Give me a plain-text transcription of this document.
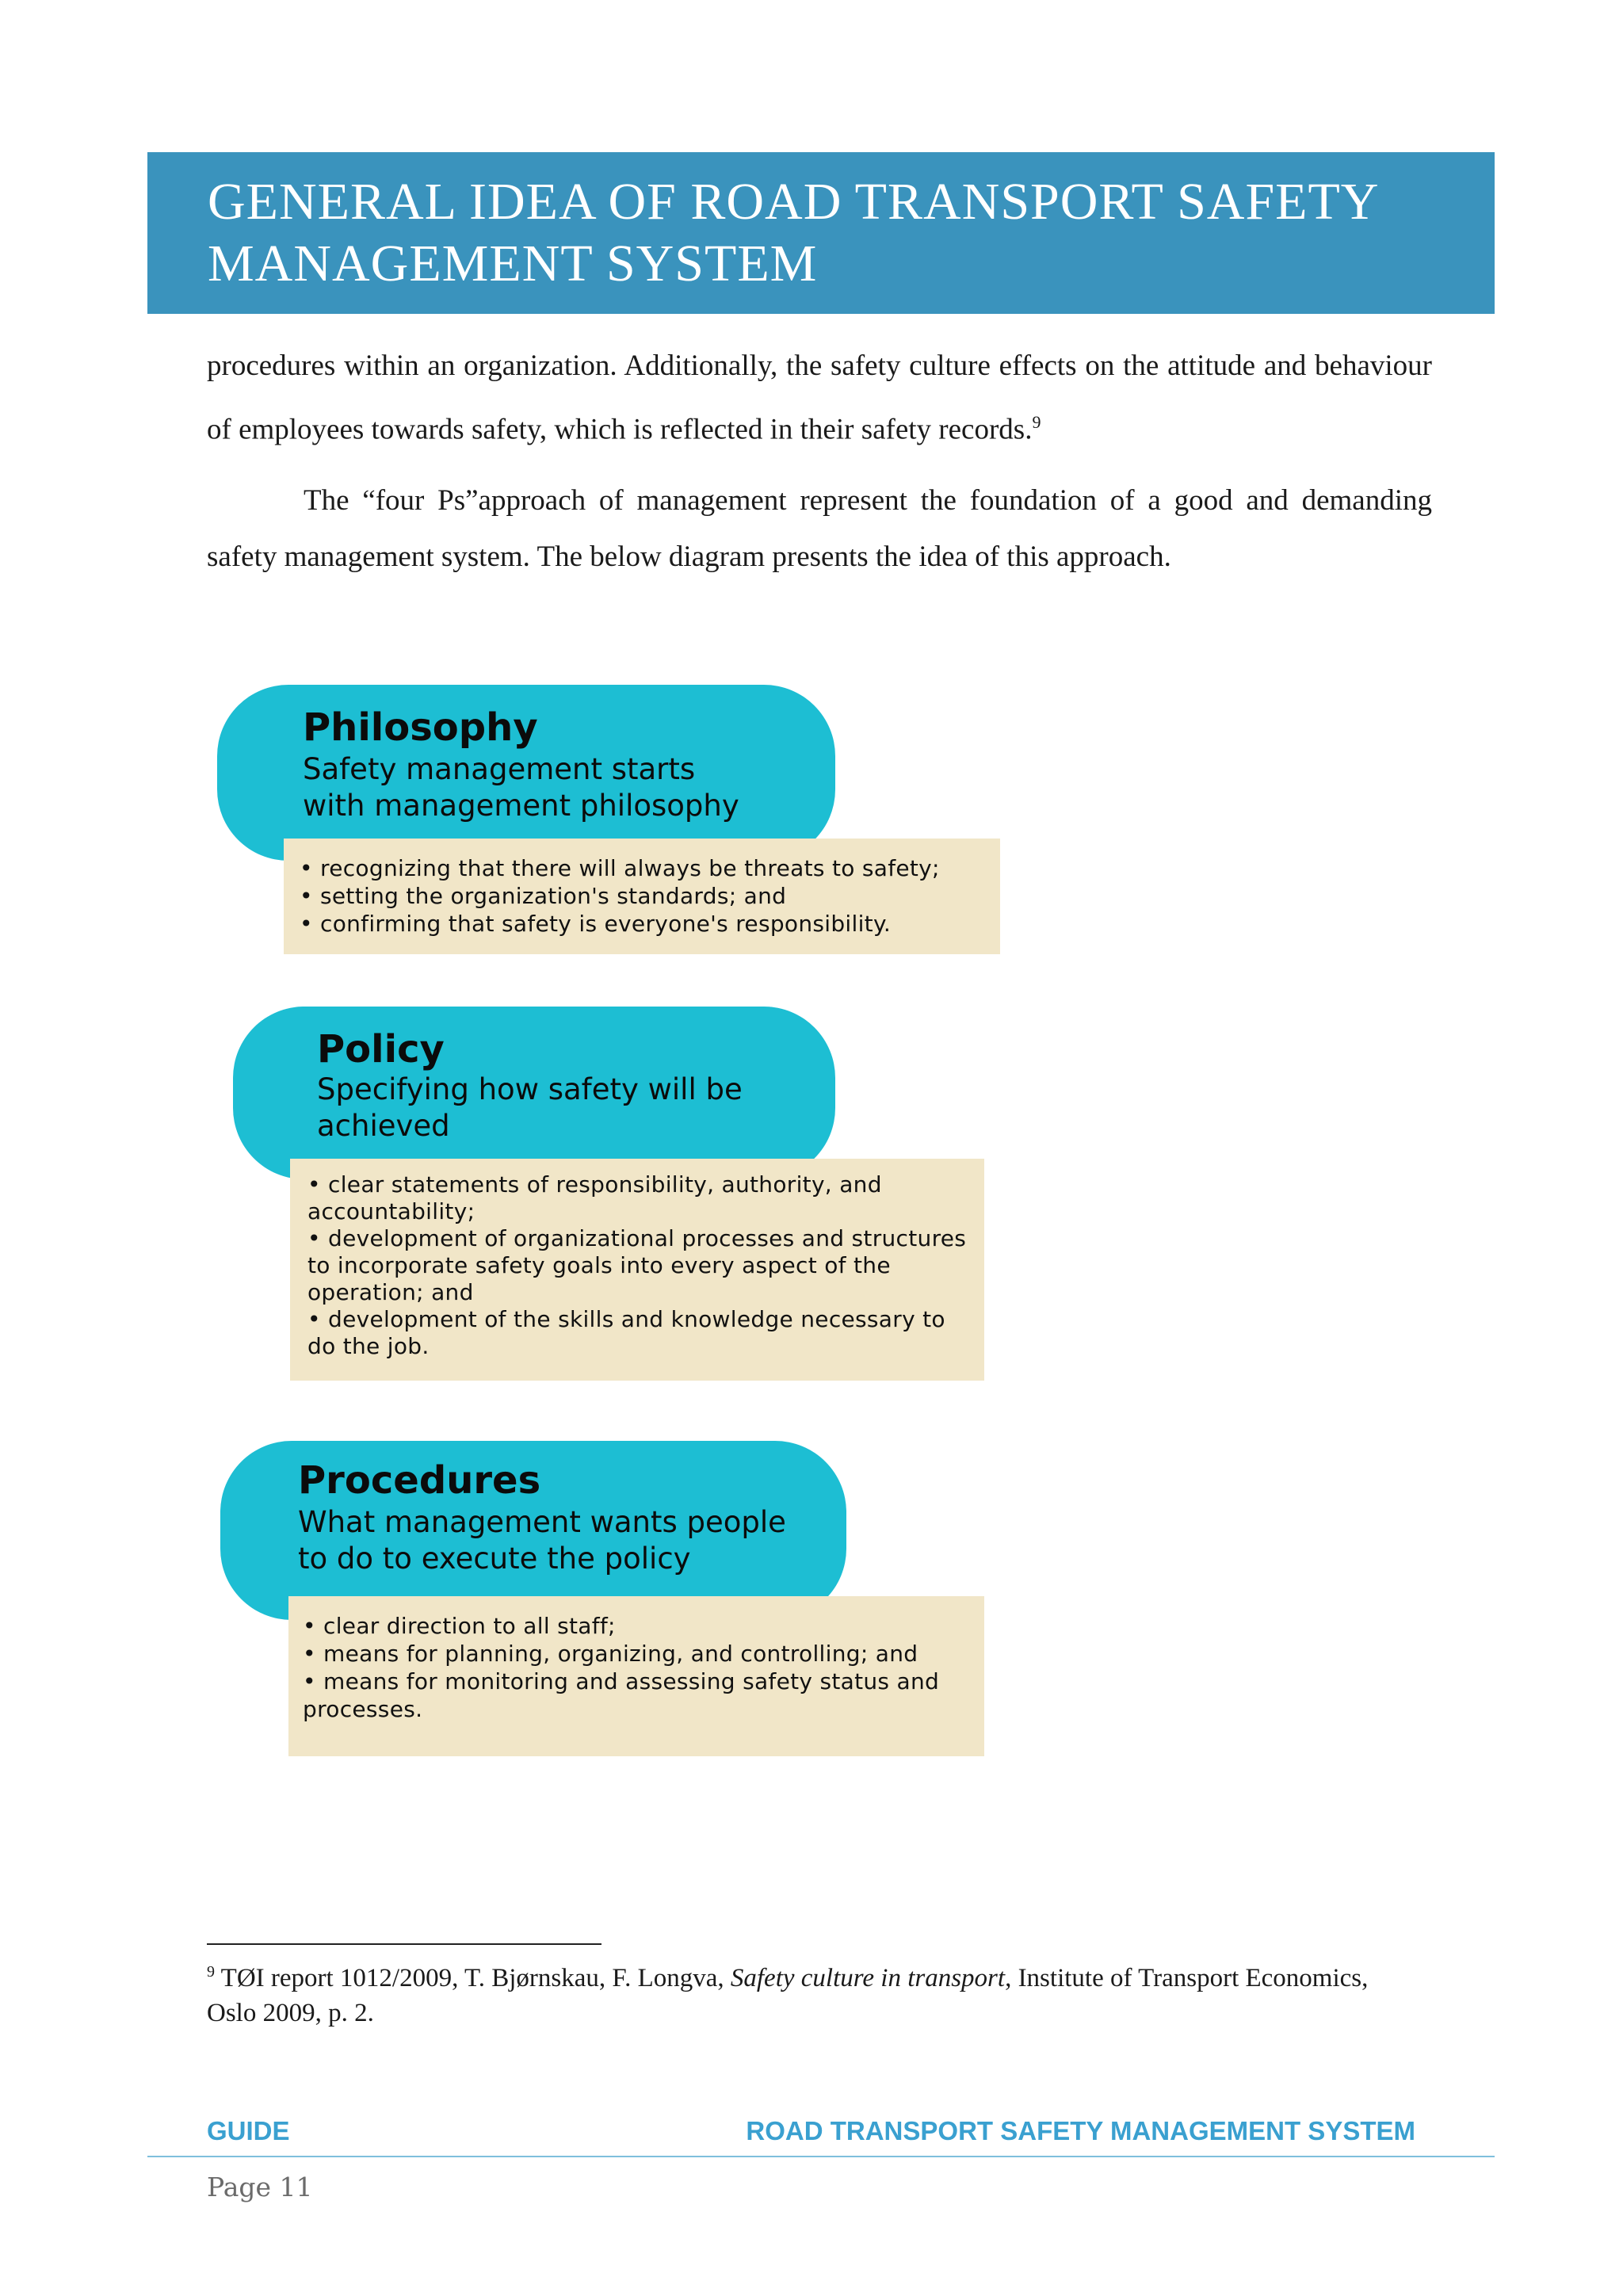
GENERAL IDEA OF ROAD TRANSPORT SAFETY
MANAGEMENT SYSTEM

procedures within an organization. Additionally, the safety culture effects on the attitude and behaviour of employees towards safety, which is reflected in their safety records.$^9$

The “four Ps”approach of management represent the foundation of a good and demanding safety management system. The below diagram presents the idea of this approach.

Philosophy
Safety management starts
with management philosophy
• recognizing that there will always be threats to safety;
• setting the organization's standards; and
• confirming that safety is everyone's responsibility.
Policy
Specifying how safety will be
achieved
• clear statements of responsibility, authority, and
accountability;
• development of organizational processes and structures
to incorporate safety goals into every aspect of the
operation; and
• development of the skills and knowledge necessary to
do the job.
Procedures
What management wants people
to do to execute the policy
• clear direction to all staff;
• means for planning, organizing, and controlling; and
• means for monitoring and assessing safety status and
processes.
$^9$ TØI report 1012/2009, T. Bjørnskau, F. Longva, Safety culture in transport, Institute of Transport Economics, Oslo 2009, p. 2.
GUIDE	ROAD TRANSPORT SAFETY MANAGEMENT SYSTEM
Page 11
